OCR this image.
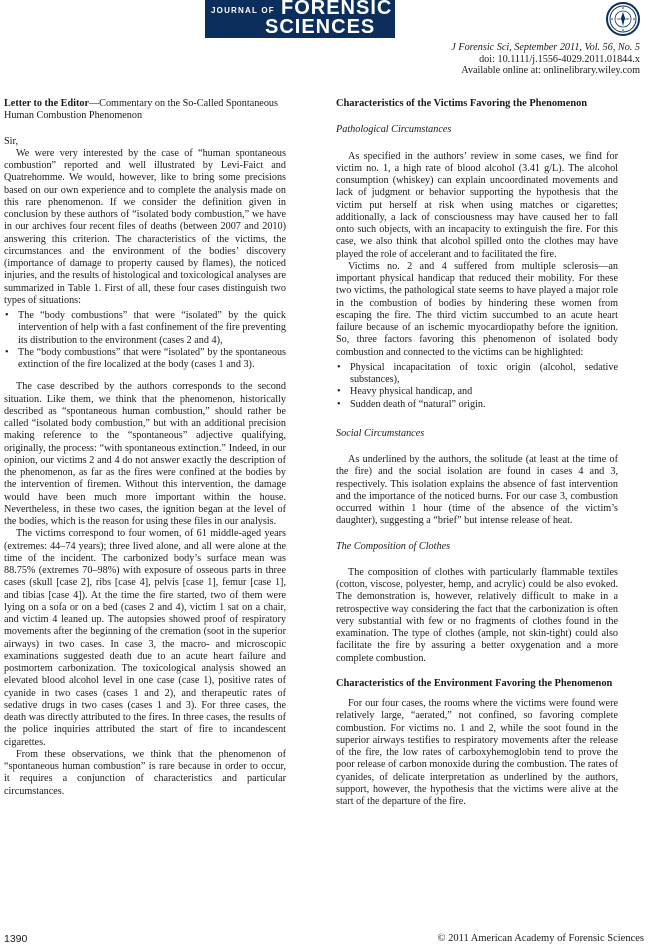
JOURNAL OF FORENSIC
SCIENCES
J Forensic Sci, September 2011, Vol. 56, No. 5
doi: 10.1111/j.1556-4029.2011.01844.x
Available online at: onlinelibrary.wiley.com

Letter to the Editor—Commentary on the So-Called Spontaneous Human Combustion Phenomenon

Sir,

We were very interested by the case of “human spontaneous combustion” reported and well illustrated by Levi-Faict and Quatrehomme. We would, however, like to bring some precisions based on our own experience and to complete the analysis made on this rare phenomenon. If we consider the definition given in conclusion by these authors of “isolated body combustion,” we have in our archives four recent files of deaths (between 2007 and 2010) answering this criterion. The characteristics of the victims, the circumstances and the environment of the bodies’ discovery (importance of damage to property caused by flames), the noticed injuries, and the results of histological and toxicological analyses are summarized in Table 1. First of all, these four cases distinguish two types of situations:

• The “body combustions” that were “isolated” by the quick intervention of help with a fast confinement of the fire preventing its distribution to the environment (cases 2 and 4),
• The “body combustions” that were “isolated” by the spontaneous extinction of the fire localized at the body (cases 1 and 3).

The case described by the authors corresponds to the second situation. Like them, we think that the phenomenon, historically described as “spontaneous human combustion,” should rather be called “isolated body combustion,” but with an additional precision making reference to the “spontaneous” adjective qualifying, originally, the process: “with spontaneous extinction.” Indeed, in our opinion, our victims 2 and 4 do not answer exactly the description of the phenomenon, as far as the fires were confined at the bodies by the intervention of firemen. Without this intervention, the damage would have been much more important within the house. Nevertheless, in these two cases, the ignition began at the level of the bodies, which is the reason for using these files in our analysis.

The victims correspond to four women, of 61 middle-aged years (extremes: 44–74 years); three lived alone, and all were alone at the time of the incident. The carbonized body’s surface mean was 88.75% (extremes 70–98%) with exposure of osseous parts in three cases (skull [case 2], ribs [case 4], pelvis [case 1], femur [case 1], and tibias [case 4]). At the time the fire started, two of them were lying on a sofa or on a bed (cases 2 and 4), victim 1 sat on a chair, and victim 4 leaned up. The autopsies showed proof of respiratory movements after the beginning of the cremation (soot in the superior airways) in two cases. In case 3, the macro- and microscopic examinations suggested death due to an acute heart failure and postmortem carbonization. The toxicological analysis showed an elevated blood alcohol level in one case (case 1), positive rates of cyanide in two cases (cases 1 and 2), and therapeutic rates of sedative drugs in two cases (cases 1 and 3). For three cases, the death was directly attributed to the fires. In three cases, the results of the police inquiries attributed the start of fire to incandescent cigarettes.

From these observations, we think that the phenomenon of “spontaneous human combustion” is rare because in order to occur, it requires a conjunction of characteristics and particular circumstances.

Characteristics of the Victims Favoring the Phenomenon
Pathological Circumstances

As specified in the authors’ review in some cases, we find for victim no. 1, a high rate of blood alcohol (3.41 g/L). The alcohol consumption (whiskey) can explain uncoordinated movements and lack of judgment or behavior supporting the hypothesis that the victim put herself at risk when using matches or cigarettes; additionally, a lack of consciousness may have caused her to fall onto such objects, with an incapacity to extinguish the fire. For this case, we also think that alcohol spilled onto the clothes may have played the role of accelerant and to facilitated the fire.

Victims no. 2 and 4 suffered from multiple sclerosis—an important physical handicap that reduced their mobility. For these two victims, the pathological state seems to have played a major role in the combustion of bodies by hindering these women from escaping the fire. The third victim succumbed to an acute heart failure because of an ischemic myocardiopathy before the ignition. So, three factors favoring this phenomenon of isolated body combustion and connected to the victims can be highlighted:

• Physical incapacitation of toxic origin (alcohol, sedative substances),
• Heavy physical handicap, and
• Sudden death of “natural” origin.
Social Circumstances

As underlined by the authors, the solitude (at least at the time of the fire) and the social isolation are found in cases 4 and 3, respectively. This isolation explains the absence of fast intervention and the importance of the noticed burns. For our case 3, combustion occurred within 1 hour (time of the absence of the victim’s daughter), suggesting a “brief” but intense release of heat.

The Composition of Clothes

The composition of clothes with particularly flammable textiles (cotton, viscose, polyester, hemp, and acrylic) could be also evoked. The demonstration is, however, relatively difficult to make in a retrospective way considering the fact that the carbonization is often very substantial with few or no fragments of clothes found in the examination. The type of clothes (ample, not skin-tight) could also facilitate the fire by assuring a better oxygenation and a more complete combustion.

Characteristics of the Environment Favoring the Phenomenon

For our four cases, the rooms where the victims were found were relatively large, “aerated,” not confined, so favoring complete combustion. For victims no. 1 and 2, while the soot found in the superior airways testifies to respiratory movements after the release of the fire, the low rates of carboxyhemoglobin tend to prove the poor release of carbon monoxide during the combustion. The rates of cyanides, of delicate interpretation as underlined by the authors, support, however, the hypothesis that the victims were alive at the start of the departure of the fire.

1390	© 2011 American Academy of Forensic Sciences
